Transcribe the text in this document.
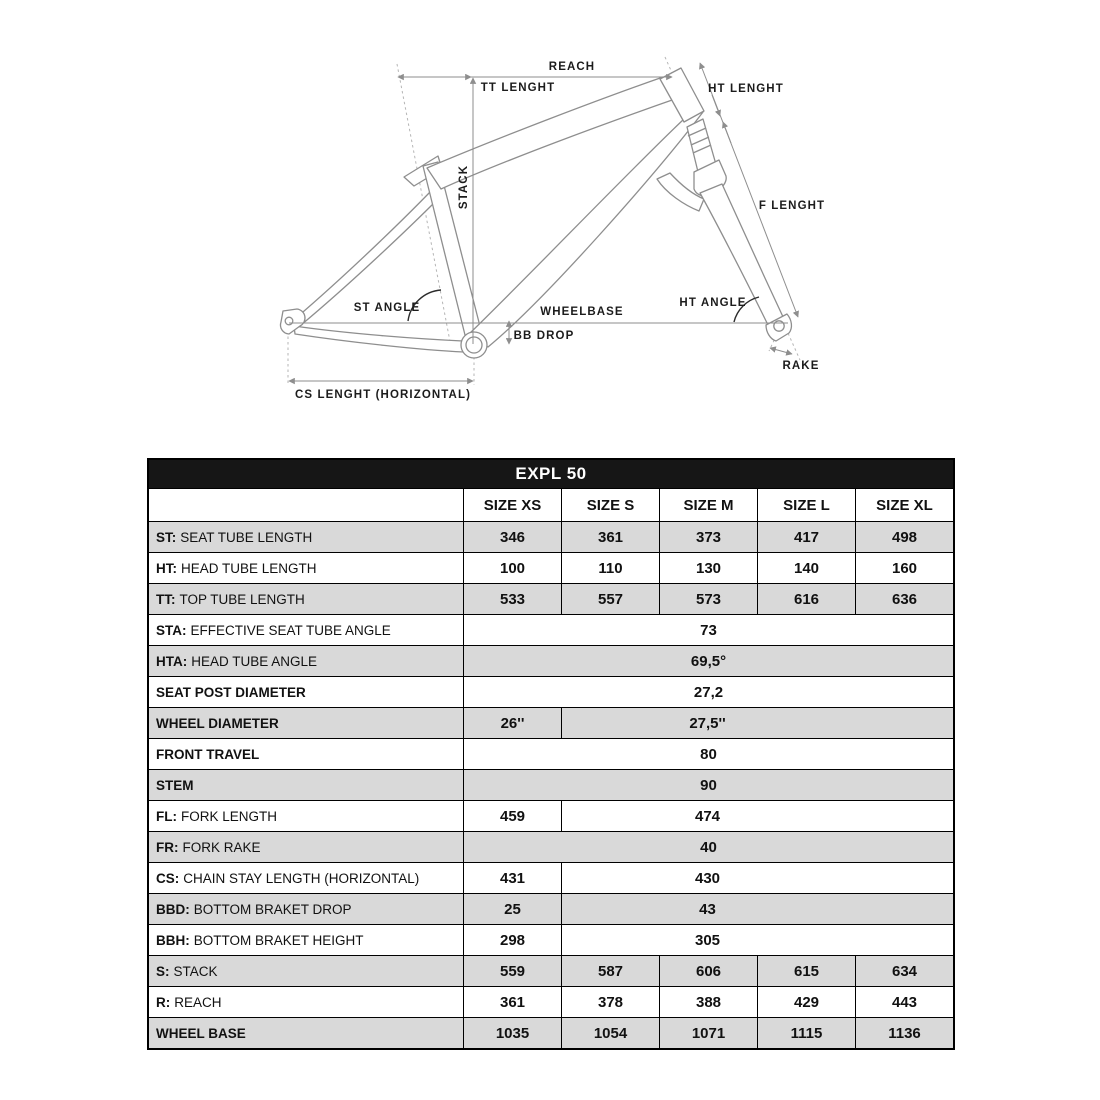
REACH
TT LENGHT	HT LENGHT
STACK	F LENGHT
ST ANGLE	WHEELBASE
BB DROP
HT ANGLE
RAKE
CS LENGHT (HORIZONTAL)
EXPL 50
SIZE XS	SIZE S	SIZE M	SIZE L	SIZE XL
ST: SEAT TUBE LENGTH	346	361	373	417	498
HT: HEAD TUBE LENGTH	100	110	130	140	160
TT: TOP TUBE LENGTH	533	557	573	616	636
STA: EFFECTIVE SEAT TUBE ANGLE	73
HTA: HEAD TUBE ANGLE	69,5°
SEAT POST DIAMETER	27,2
WHEEL DIAMETER	26''	27,5''
FRONT TRAVEL	80
STEM	90
FL: FORK LENGTH	459	474
FR: FORK RAKE	40
CS: CHAIN STAY LENGTH (HORIZONTAL)	431	430
BBD: BOTTOM BRAKET DROP	25	43
BBH: BOTTOM BRAKET HEIGHT	298	305
S: STACK	559	587	606	615	634
R: REACH	361	378	388	429	443
WHEEL BASE	1035	1054	1071	1115	1136
